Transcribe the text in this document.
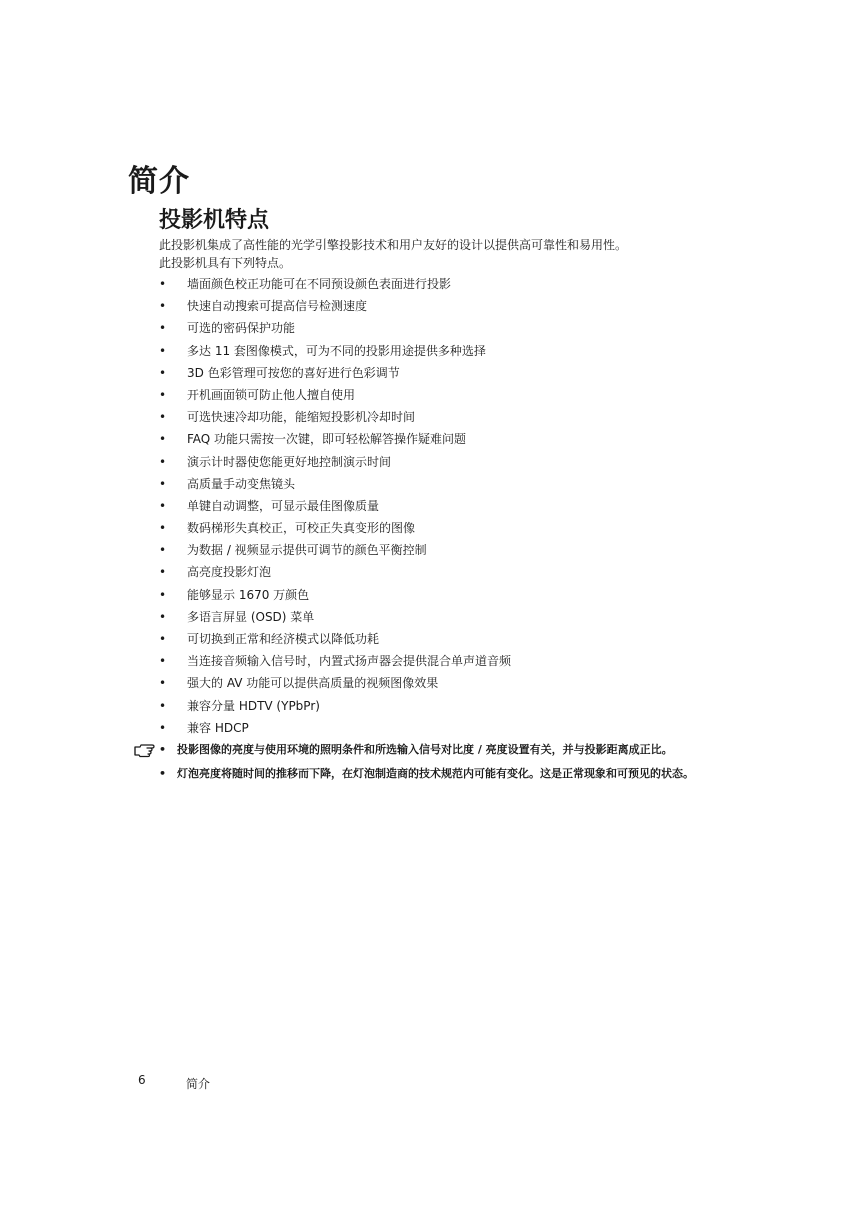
简介
投影机特点

此投影机集成了高性能的光学引擎投影技术和用户友好的设计以提供高可靠性和易用性。

此投影机具有下列特点。

• 墙面颜色校正功能可在不同预设颜色表面进行投影
• 快速自动搜索可提高信号检测速度
• 可选的密码保护功能
• 多达 11 套图像模式，可为不同的投影用途提供多种选择
• 3D 色彩管理可按您的喜好进行色彩调节
• 开机画面锁可防止他人擅自使用
• 可选快速冷却功能，能缩短投影机冷却时间
• FAQ 功能只需按一次键，即可轻松解答操作疑难问题
• 演示计时器使您能更好地控制演示时间
• 高质量手动变焦镜头
• 单键自动调整，可显示最佳图像质量
• 数码梯形失真校正，可校正失真变形的图像
• 为数据 / 视频显示提供可调节的颜色平衡控制
• 高亮度投影灯泡
• 能够显示 1670 万颜色
• 多语言屏显 (OSD) 菜单
• 可切换到正常和经济模式以降低功耗
• 当连接音频输入信号时，内置式扬声器会提供混合单声道音频
• 强大的 AV 功能可以提供高质量的视频图像效果
• 兼容分量 HDTV (YPbPr)
• 兼容 HDCP
• 投影图像的亮度与使用环境的照明条件和所选输入信号对比度 / 亮度设置有关，并与投影距离成正比。
• 灯泡亮度将随时间的推移而下降，在灯泡制造商的技术规范内可能有变化。这是正常现象和可预见的状态。
6	简介
